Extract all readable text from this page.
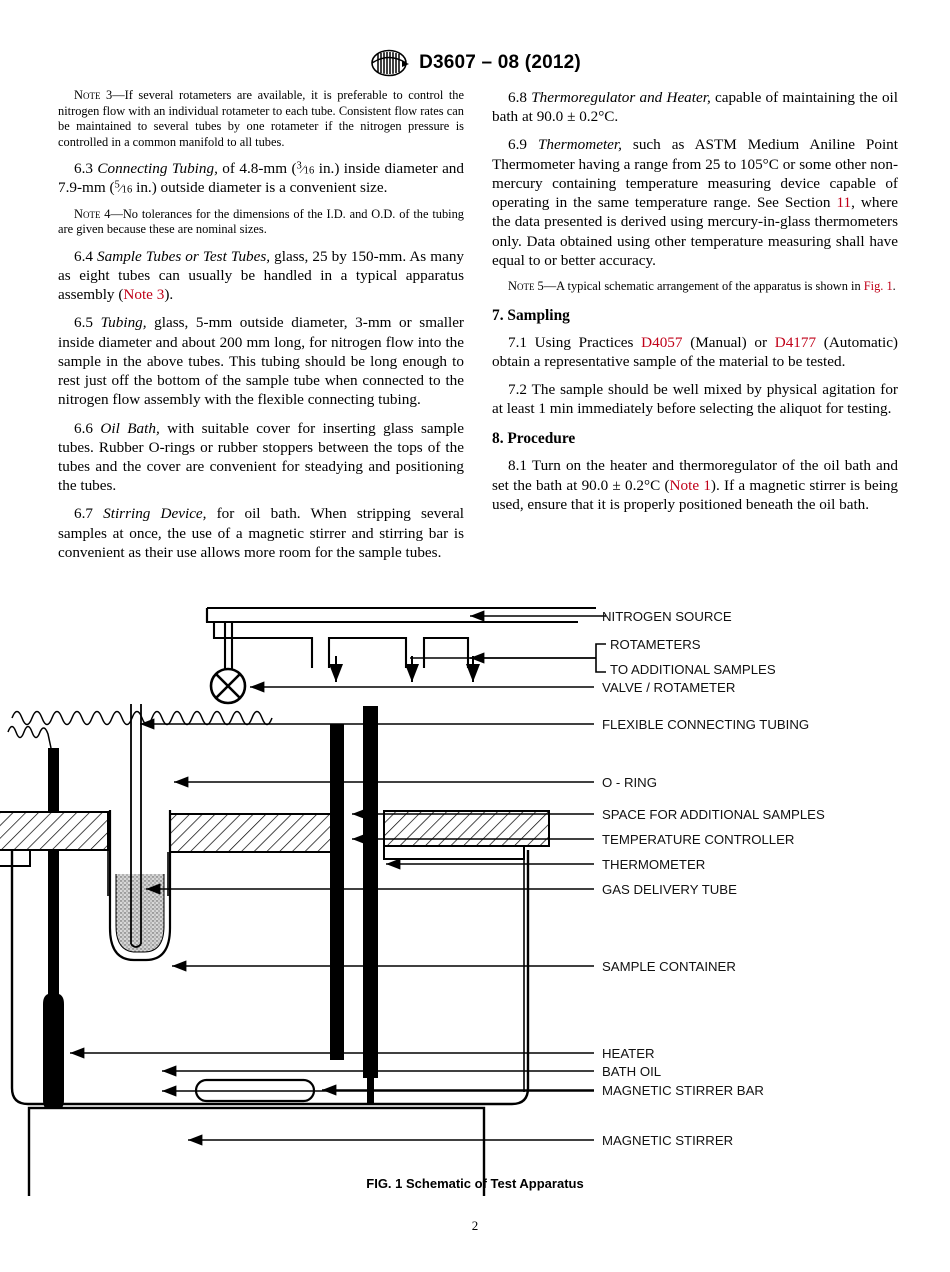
D3607 – 08 (2012)

Note 3—If several rotameters are available, it is preferable to control the nitrogen flow with an individual rotameter to each tube. Consistent flow rates can be maintained to several tubes by one rotameter if the nitrogen pressure is controlled in a common manifold to all tubes.

6.3 Connecting Tubing, of 4.8-mm ($^3⁄_{16}$ in.) inside diameter and 7.9-mm ($^5⁄_{16}$ in.) outside diameter is a convenient size.

Note 4—No tolerances for the dimensions of the I.D. and O.D. of the tubing are given because these are nominal sizes.

6.4 Sample Tubes or Test Tubes, glass, 25 by 150-mm. As many as eight tubes can usually be handled in a typical apparatus assembly (Note 3).

6.5 Tubing, glass, 5-mm outside diameter, 3-mm or smaller inside diameter and about 200 mm long, for nitrogen flow into the sample in the above tubes. This tubing should be long enough to rest just off the bottom of the sample tube when connected to the nitrogen flow assembly with the flexible connecting tubing.

6.6 Oil Bath, with suitable cover for inserting glass sample tubes. Rubber O-rings or rubber stoppers between the tops of the tubes and the cover are convenient for steadying and positioning the tubes.

6.7 Stirring Device, for oil bath. When stripping several samples at once, the use of a magnetic stirrer and stirring bar is convenient as their use allows more room for the sample tubes.

6.8 Thermoregulator and Heater, capable of maintaining the oil bath at 90.0 ± 0.2°C.

6.9 Thermometer, such as ASTM Medium Aniline Point Thermometer having a range from 25 to 105°C or some other non-mercury containing temperature measuring device capable of operating in the same temperature range. See Section 11, where the data presented is derived using mercury-in-glass thermometers only. Data obtained using other temperature measuring shall have equal to or better accuracy.

Note 5—A typical schematic arrangement of the apparatus is shown in Fig. 1.

7. Sampling

7.1 Using Practices D4057 (Manual) or D4177 (Automatic) obtain a representative sample of the material to be tested.

7.2 The sample should be well mixed by physical agitation for at least 1 min immediately before selecting the aliquot for testing.

8. Procedure

8.1 Turn on the heater and thermoregulator of the oil bath and set the bath at 90.0 ± 0.2°C (Note 1). If a magnetic stirrer is being used, ensure that it is properly positioned beneath the oil bath.

NITROGEN SOURCE
ROTAMETERS
TO ADDITIONAL SAMPLES
VALVE / ROTAMETER
FLEXIBLE CONNECTING TUBING
O - RING
SPACE FOR ADDITIONAL SAMPLES
TEMPERATURE CONTROLLER
THERMOMETER
GAS DELIVERY TUBE
SAMPLE CONTAINER
HEATER
BATH OIL
MAGNETIC STIRRER BAR
MAGNETIC STIRRER
FIG. 1 Schematic of Test Apparatus
2
